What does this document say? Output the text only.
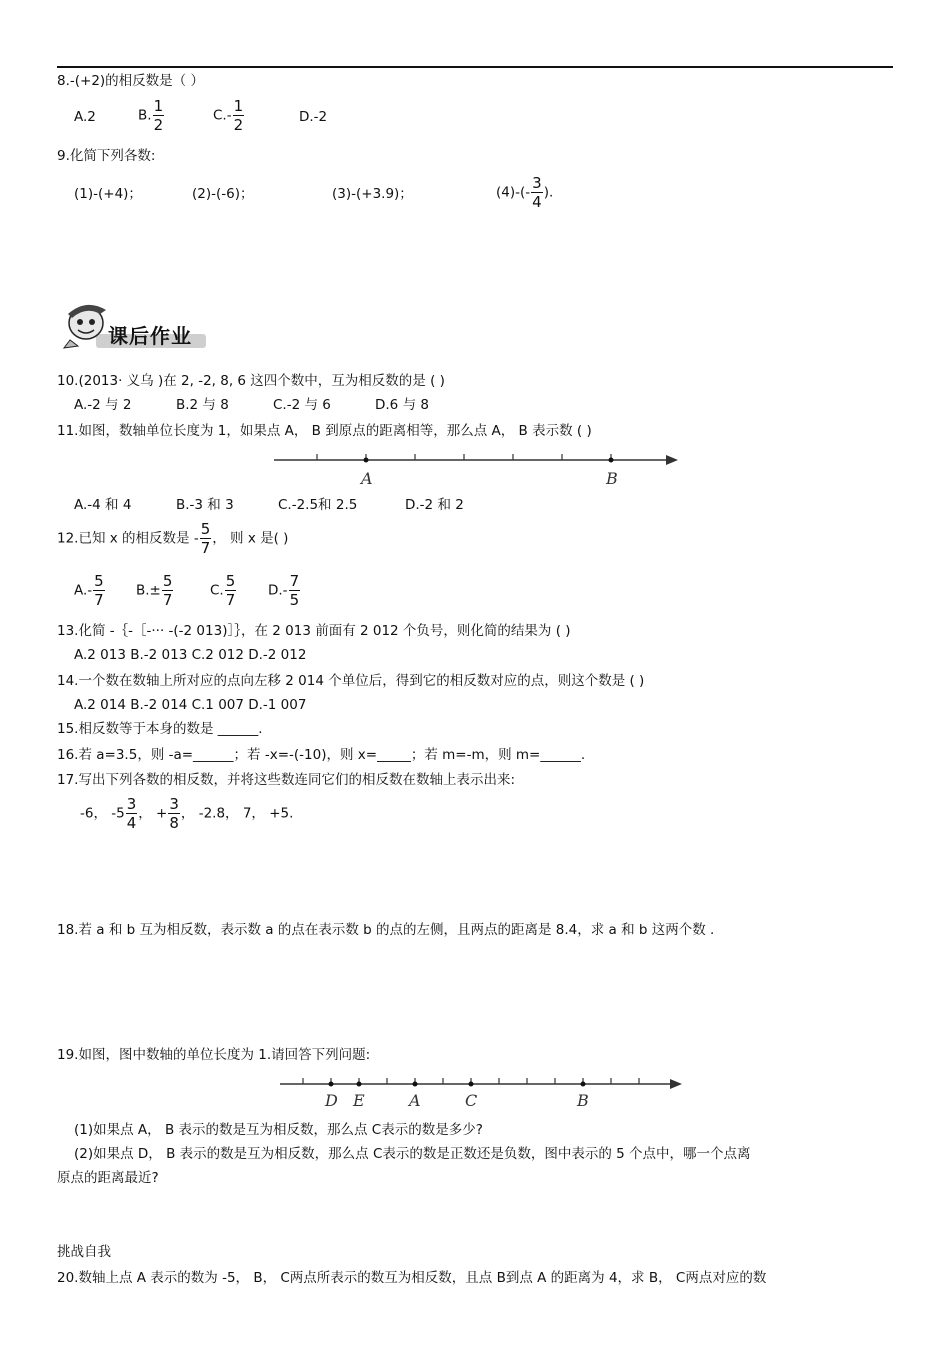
8.-(+2)的相反数是（ ）
A.2	B. $\frac{1}{2}$	$C.- \frac{1}{2}$	D.-2
9.化简下列各数:
(1)-(+4)；	(2)-(-6)；	(3)-(+3.9)；	$(4)-(- \frac{3}{4}$ ).
课后作业
10.(2013· 义乌 )在 2, -2, 8, 6 这四个数中，互为相反数的是 ( )
A.-2 与 2	B.2 与 8	C.-2 与 6	D.6 与 8
11.如图，数轴单位长度为 1，如果点 A， B 到原点的距离相等，那么点 A， B 表示数 ( )
A	B
A.-4 和 4	B.-3 和 3	C.-2.5和 2.5	D.-2 和 2
12.已知 x 的相反数是 - $\frac{5}{7}$ ， 则 x 是( )
$A.- \frac{5}{7} B.\pm \frac{5}{7}$	C. $\frac{5}{7} D.- \frac{7}{5}$
13.化简 -｛-［-··· -(-2 013)］｝，在 2 013 前面有 2 012 个负号，则化简的结果为 ( )
A.2 013 B.-2 013 C.2 012 D.-2 012
14.一个数在数轴上所对应的点向左移 2 014 个单位后，得到它的相反数对应的点，则这个数是 ( )
A.2 014 B.-2 014 C.1 007 D.-1 007
15.相反数等于本身的数是 ______.
16.若 a=3.5，则 -a=______；若 -x=-(-10)，则 x=_____；若 m=-m，则 m=______.
17.写出下列各数的相反数，并将这些数连同它们的相反数在数轴上表示出来:
-6， $-5 \frac{3}{4}$ ， + $\frac{3}{8}$ ， -2.8， 7， +5.
18.若 a 和 b 互为相反数，表示数 a 的点在表示数 b 的点的左侧，且两点的距离是 8.4，求 a 和 b 这两个数 .
19.如图，图中数轴的单位长度为 1.请回答下列问题:
D E	A	C	B
(1)如果点 A， B 表示的数是互为相反数，那么点 C表示的数是多少?
(2)如果点 D， B 表示的数是互为相反数，那么点 C表示的数是正数还是负数，图中表示的 5 个点中，哪一个点离
原点的距离最近?
挑战自我
20.数轴上点 A 表示的数为 -5， B， C两点所表示的数互为相反数，且点 B到点 A 的距离为 4，求 B， C两点对应的数
